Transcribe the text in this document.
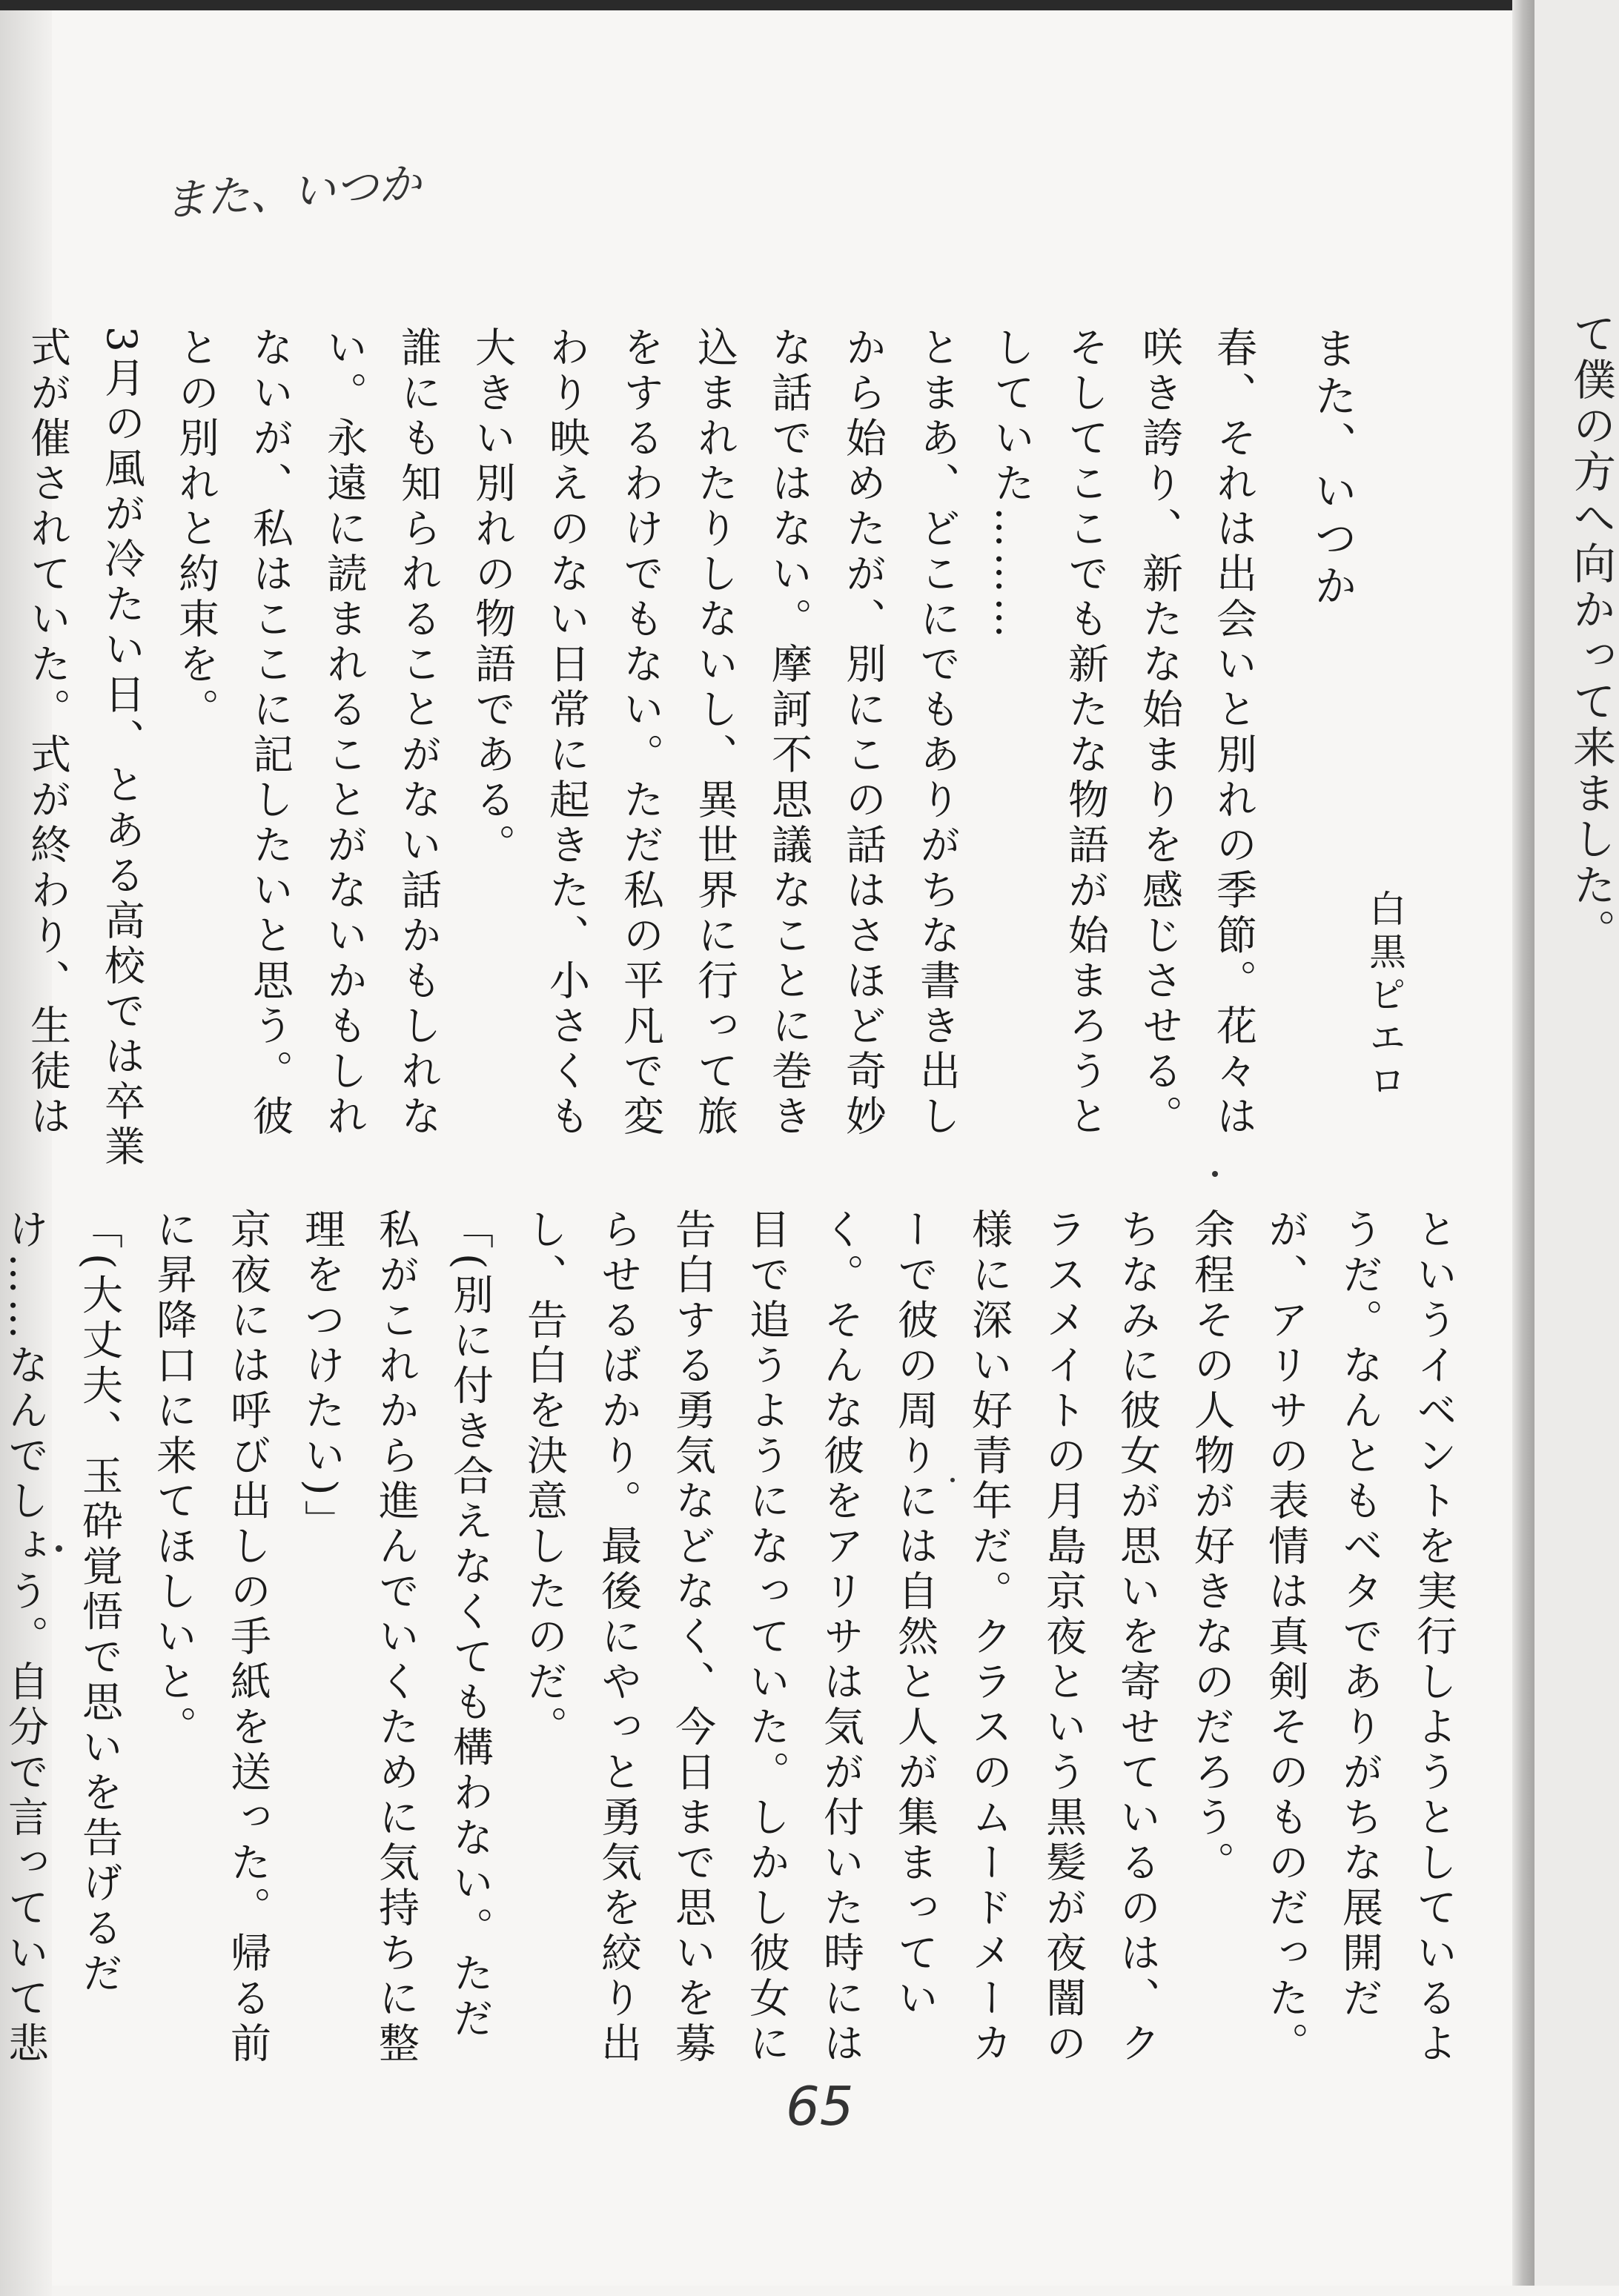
て僕の方へ向かって来ました。
また、いつか
また、いつか
白黒ピエロ

春、それは出会いと別れの季節。花々は咲き誇り、新たな始まりを感じさせる。そしてここでも新たな物語が始まろうとしていた………

とまあ、どこにでもありがちな書き出しから始めたが、別にこの話はさほど奇妙な話ではない。摩訶不思議なことに巻き込まれたりしないし、異世界に行って旅をするわけでもない。ただ私の平凡で変わり映えのない日常に起きた、小さくも大きい別れの物語である。

誰にも知られることがない話かもしれない。永遠に読まれることがないかもしれないが、私はここに記したいと思う。彼との別れと約束を。

3月の風が冷たい日、とある高校では卒業式が催されていた。式が終わり、生徒は

というイベントを実行しようとしているようだ。なんともベタでありがちな展開だが、アリサの表情は真剣そのものだった。余程その人物が好きなのだろう。

ちなみに彼女が思いを寄せているのは、クラスメイトの月島京夜という黒髪が夜闇の様に深い好青年だ。クラスのムードメーカーで彼の周りには自然と人が集まっていく。そんな彼をアリサは気が付いた時には目で追うようになっていた。しかし彼女に告白する勇気などなく、今日まで思いを募らせるばかり。最後にやっと勇気を絞り出し、告白を決意したのだ。

「(別に付き合えなくても構わない。ただ私がこれから進んでいくために気持ちに整理をつけたい)」

京夜には呼び出しの手紙を送った。帰る前に昇降口に来てほしいと。

「(大丈夫、玉砕覚悟で思いを告げるだけ……なんでしょう。自分で言っていて悲

65
